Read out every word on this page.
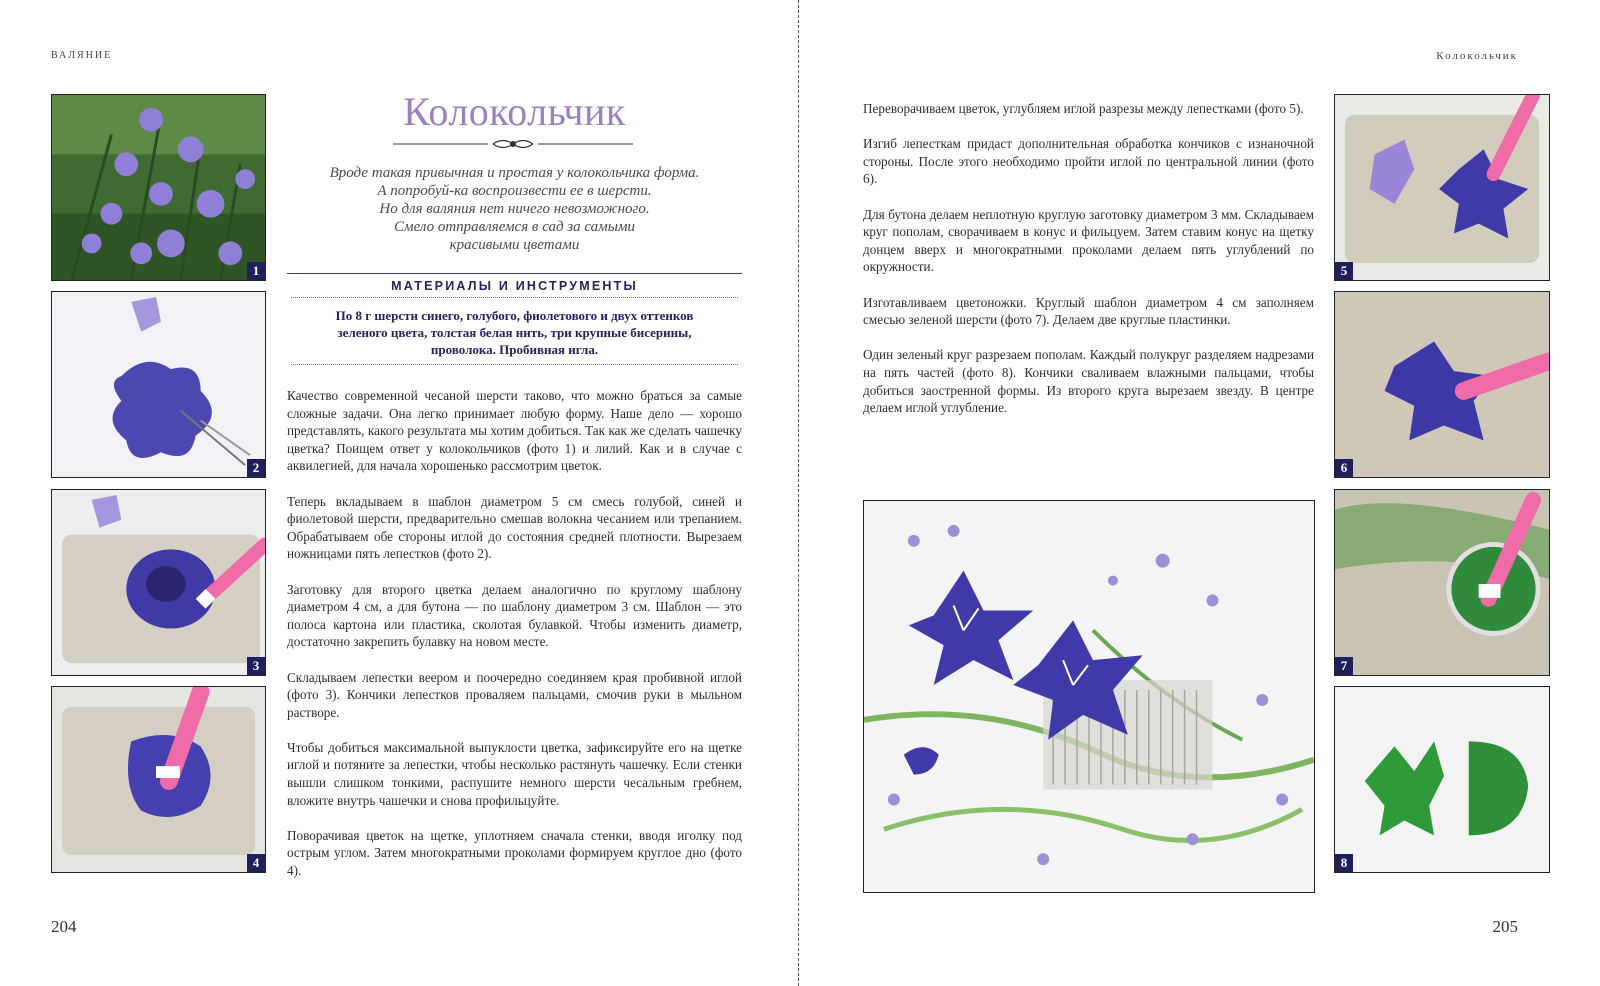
ВАЛЯНИЕ
1
2
3
4
Колокольчик
Вроде такая привычная и простая у колокольчика форма.
А попробуй-ка воспроизвести ее в шерсти.
Но для валяния нет ничего невозможного.
Смело отправляемся в сад за самыми
красивыми цветами
МАТЕРИАЛЫ И ИНСТРУМЕНТЫ
По 8 г шерсти синего, голубого, фиолетового и двух оттенков
зеленого цвета, толстая белая нить, три крупные бисерины,
проволока. Пробивная игла.

Качество современной чесаной шерсти таково, что можно браться за самые сложные задачи. Она легко принимает любую форму. Наше дело — хорошо представлять, какого результата мы хотим добиться. Так как же сделать чашечку цветка? Поищем ответ у колокольчиков (фото 1) и лилий. Как и в случае с аквилегией, для начала хорошенько рассмотрим цветок.

Теперь вкладываем в шаблон диаметром 5 см смесь голубой, синей и фиолетовой шерсти, предварительно смешав волокна чесанием или трепанием. Обрабатываем обе стороны иглой до состояния средней плотности. Вырезаем ножницами пять лепестков (фото 2).

Заготовку для второго цветка делаем аналогично по круглому шаблону диаметром 4 см, а для бутона — по шаблону диаметром 3 см. Шаблон — это полоса картона или пластика, сколотая булавкой. Чтобы изменить диаметр, достаточно закрепить булавку на новом месте.

Складываем лепестки веером и поочередно соединяем края пробивной иглой (фото 3). Кончики лепестков проваляем пальцами, смочив руки в мыльном растворе.

Чтобы добиться максимальной выпуклости цветка, зафиксируйте его на щетке иглой и потяните за лепестки, чтобы несколько растянуть чашечку. Если стенки вышли слишком тонкими, распушите немного шерсти чесальным гребнем, вложите внутрь чашечки и снова профильцуйте.

Поворачивая цветок на щетке, уплотняем сначала стенки, вводя иголку под острым углом. Затем многократными проколами формируем круглое дно (фото 4).

204
Колокольчик

Переворачиваем цветок, углубляем иглой разрезы между лепестками (фото 5).

Изгиб лепесткам придаст дополнительная обработка кончиков с изнаночной стороны. После этого необходимо пройти иглой по центральной линии (фото 6).

Для бутона делаем неплотную круглую заготовку диаметром 3 мм. Складываем круг пополам, сворачиваем в конус и фильцуем. Затем ставим конус на щетку донцем вверх и многократными проколами делаем пять углублений по окружности.

Изготавливаем цветоножки. Круглый шаблон диаметром 4 см заполняем смесью зеленой шерсти (фото 7). Делаем две круглые пластинки.

Один зеленый круг разрезаем пополам. Каждый полукруг разделяем надрезами на пять частей (фото 8). Кончики сваливаем влажными пальцами, чтобы добиться заостренной формы. Из второго круга вырезаем звезду. В центре делаем иглой углубление.

5
6
7
8
205
